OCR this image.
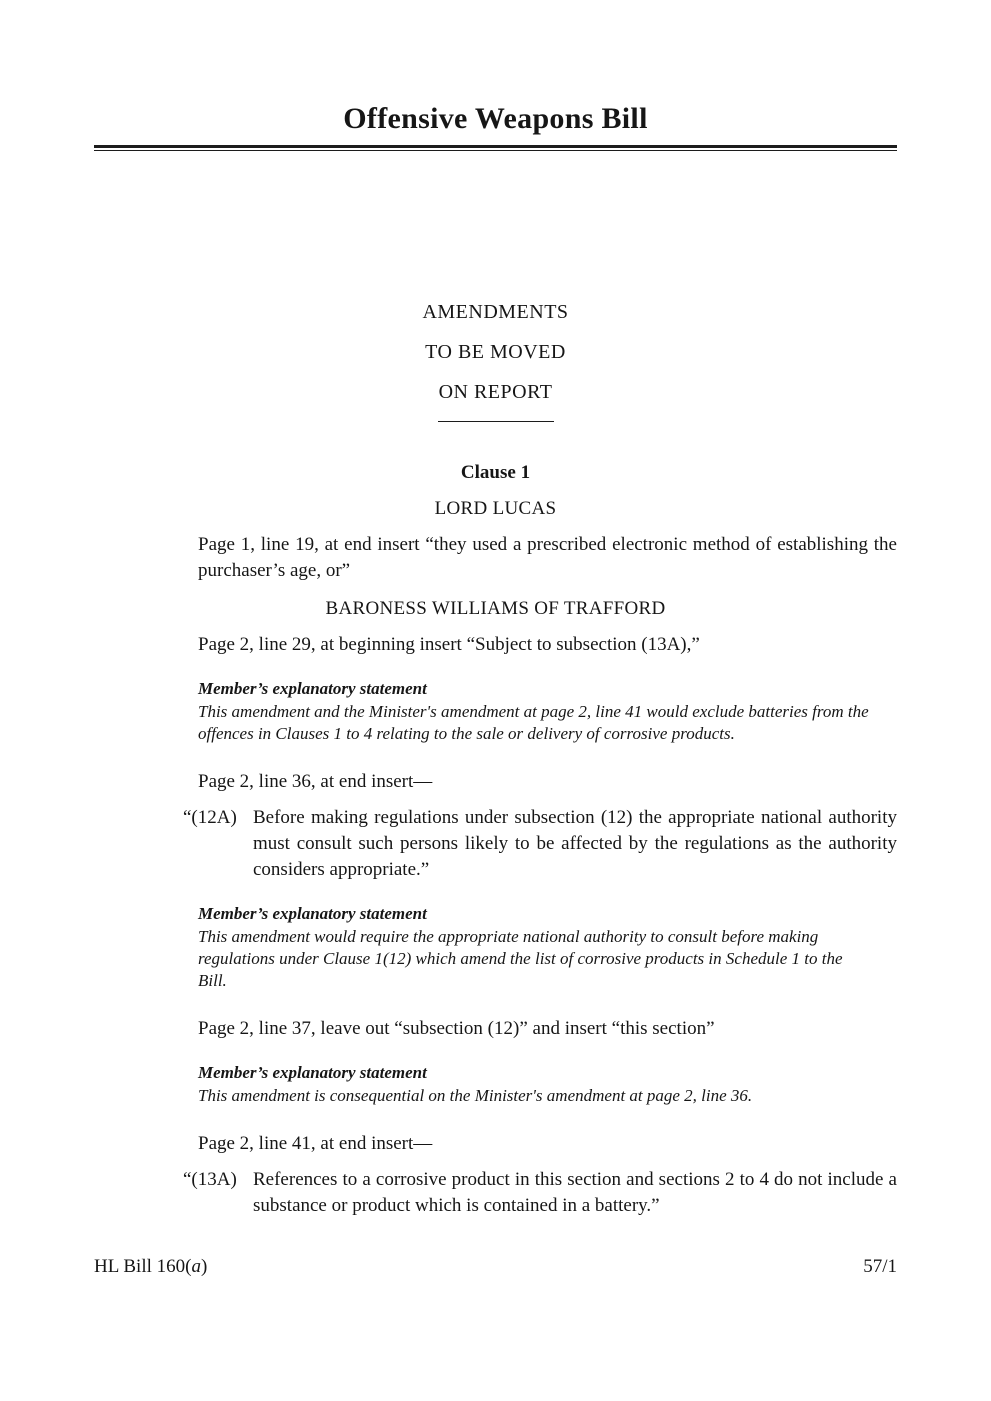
Offensive Weapons Bill
AMENDMENTS
TO BE MOVED
ON REPORT
Clause 1
LORD LUCAS
Page 1, line 19, at end insert “they used a prescribed electronic method of establishing the purchaser’s age, or”
BARONESS WILLIAMS OF TRAFFORD
Page 2, line 29, at beginning insert “Subject to subsection (13A),”
Member’s explanatory statement
This amendment and the Minister's amendment at page 2, line 41 would exclude batteries from the offences in Clauses 1 to 4 relating to the sale or delivery of corrosive products.
Page 2, line 36, at end insert—
“(12A) Before making regulations under subsection (12) the appropriate national authority must consult such persons likely to be affected by the regulations as the authority considers appropriate.”
Member’s explanatory statement
This amendment would require the appropriate national authority to consult before making regulations under Clause 1(12) which amend the list of corrosive products in Schedule 1 to the Bill.
Page 2, line 37, leave out “subsection (12)” and insert “this section”
Member’s explanatory statement
This amendment is consequential on the Minister's amendment at page 2, line 36.
Page 2, line 41, at end insert—
“(13A) References to a corrosive product in this section and sections 2 to 4 do not include a substance or product which is contained in a battery.”
HL Bill 160(a)	57/1
